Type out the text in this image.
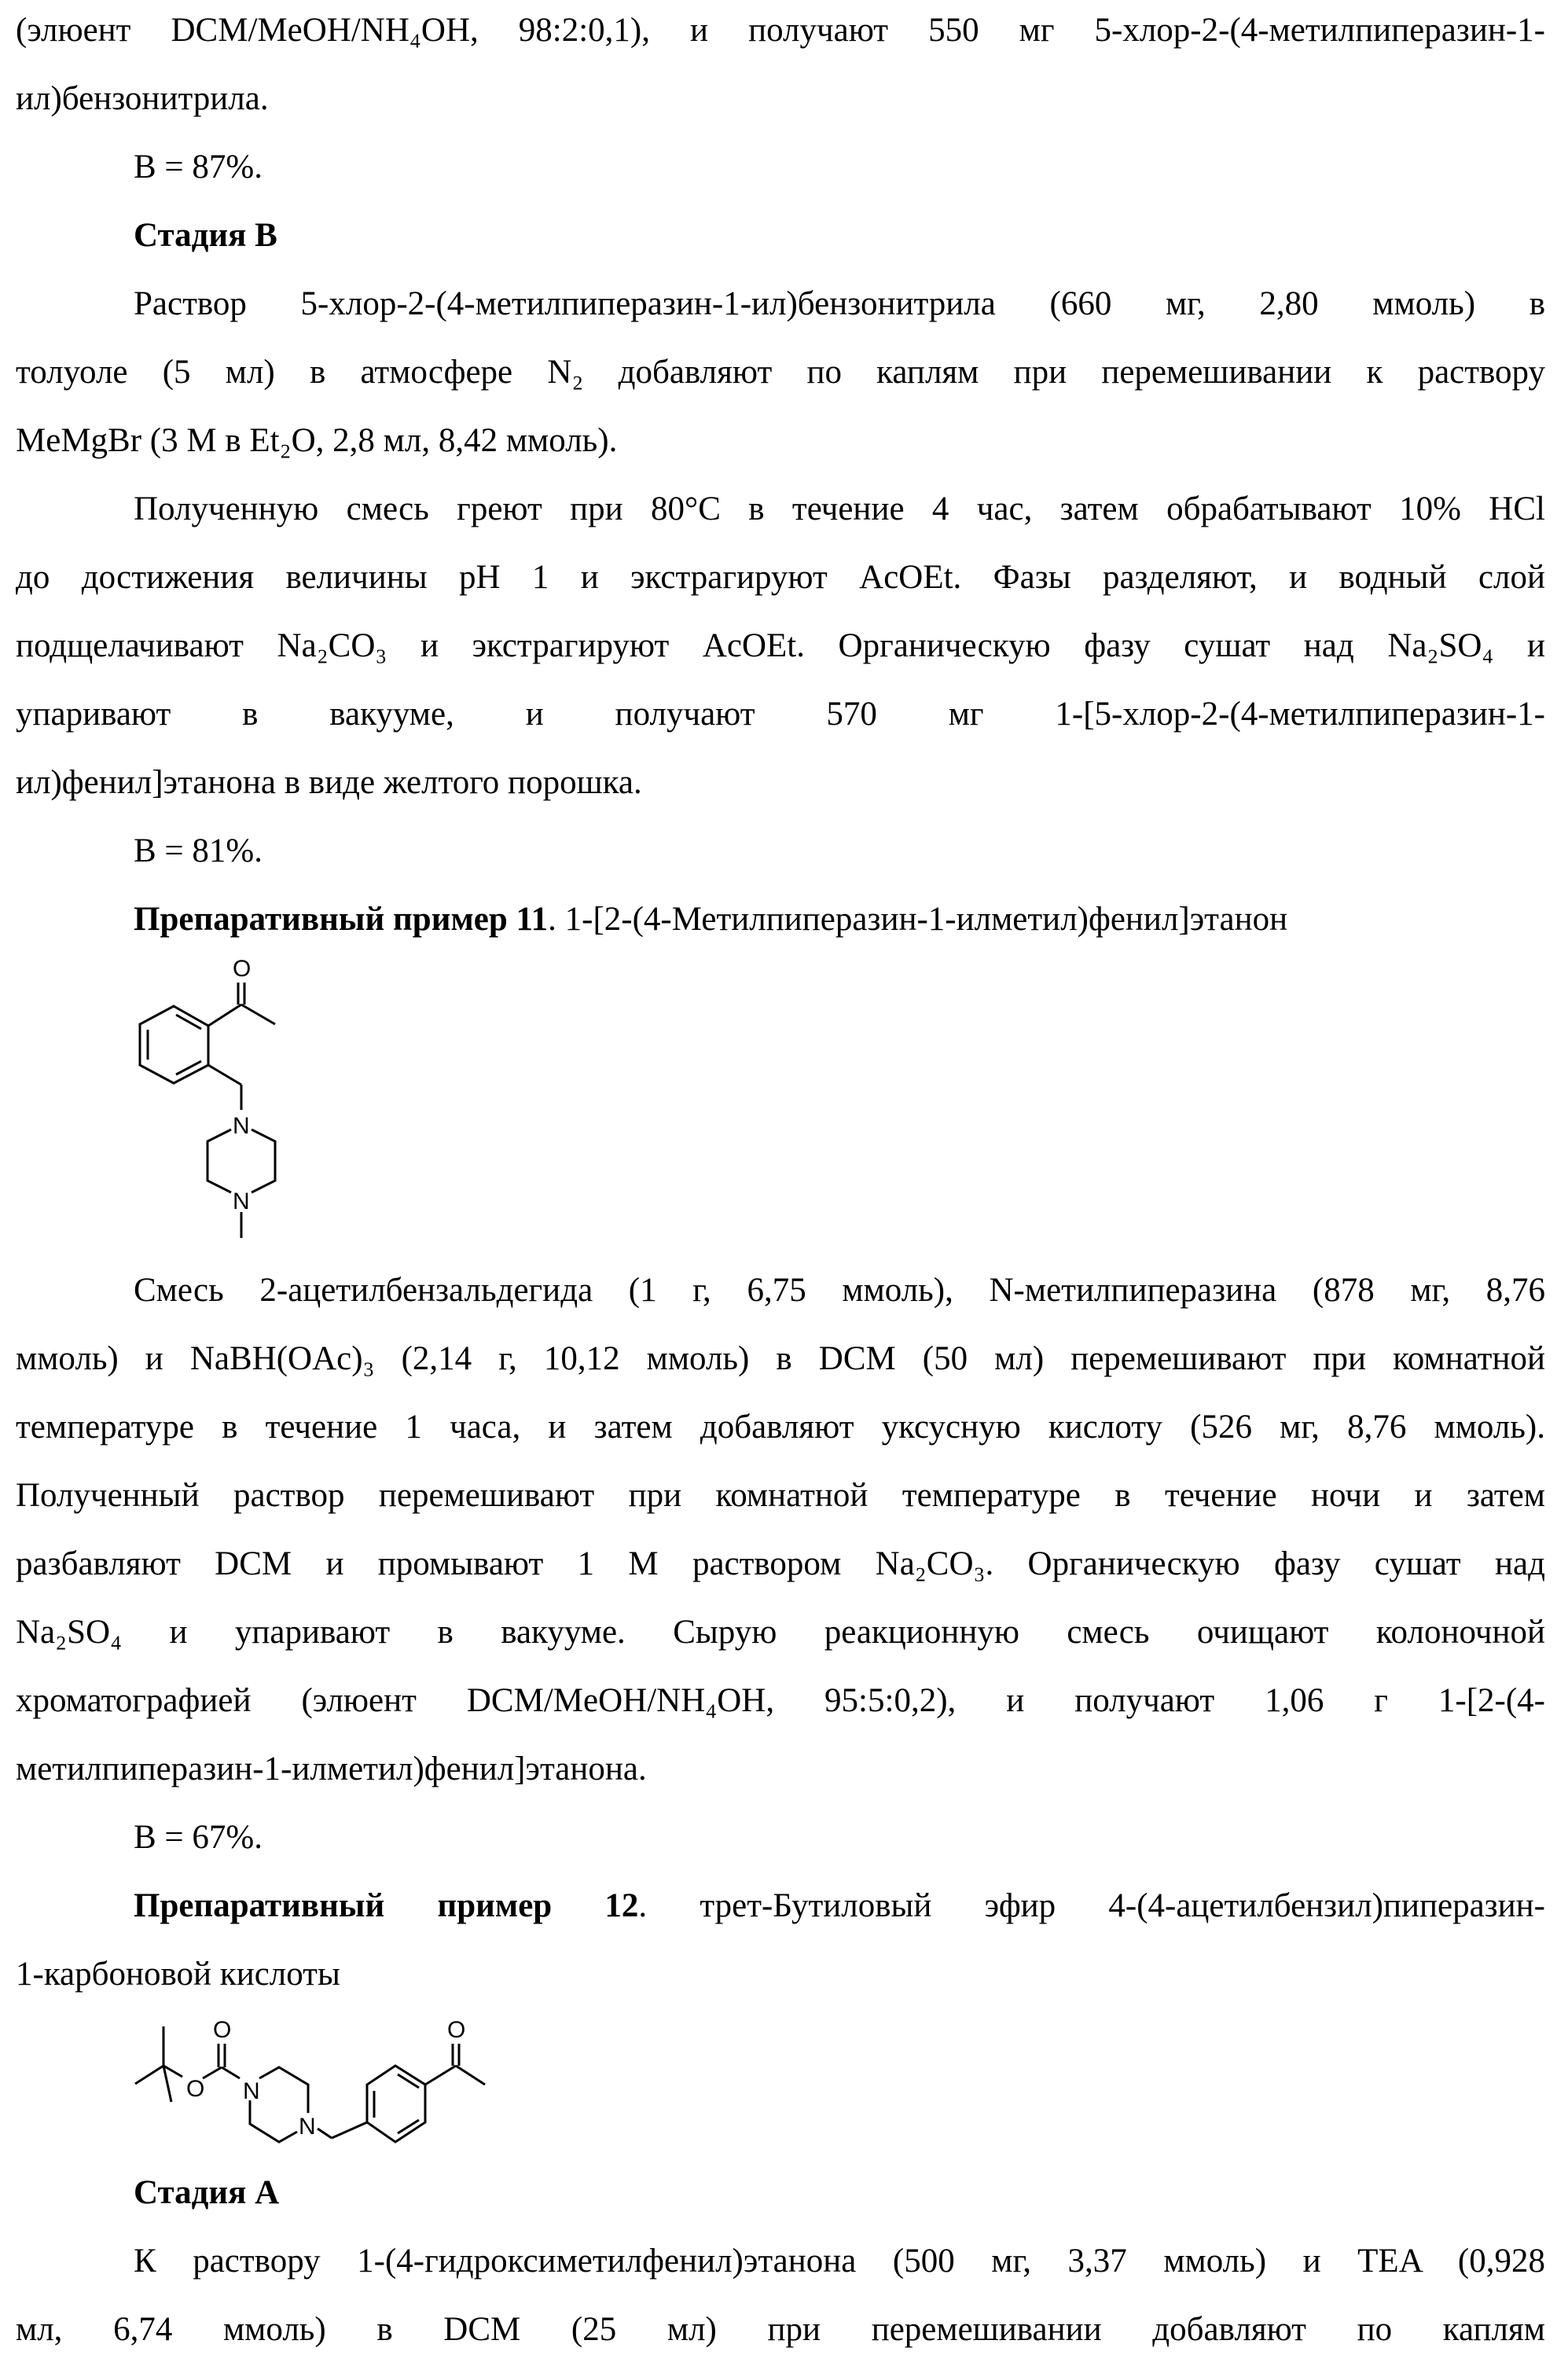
(элюент DCM/MeOH/NH₄OH, 98:2:0,1), и получают 550 мг 5-хлор-2-(4-метилпиперазин-1-
ил)бензонитрила.
В = 87%.
Стадия В
Раствор 5-хлор-2-(4-метилпиперазин-1-ил)бензонитрила (660 мг, 2,80 ммоль) в
толуоле (5 мл) в атмосфере N₂ добавляют по каплям при перемешивании к раствору
MeMgBr (3 M в Et₂O, 2,8 мл, 8,42 ммоль).
Полученную смесь греют при 80°C в течение 4 час, затем обрабатывают 10% HCl
до достижения величины pH 1 и экстрагируют AcOEt. Фазы разделяют, и водный слой
подщелачивают Na₂CO₃ и экстрагируют AcOEt. Органическую фазу сушат над Na₂SO₄ и
упаривают в вакууме, и получают 570 мг 1-[5-хлор-2-(4-метилпиперазин-1-
ил)фенил]этанона в виде желтого порошка.
В = 81%.
Препаративный пример 11. 1-[2-(4-Метилпиперазин-1-илметил)фенил]этанон
O
N
N
Смесь 2-ацетилбензальдегида (1 г, 6,75 ммоль), N-метилпиперазина (878 мг, 8,76
ммоль) и NaBH(OAc)₃ (2,14 г, 10,12 ммоль) в DCM (50 мл) перемешивают при комнатной
температуре в течение 1 часа, и затем добавляют уксусную кислоту (526 мг, 8,76 ммоль).
Полученный раствор перемешивают при комнатной температуре в течение ночи и затем
разбавляют DCM и промывают 1 M раствором Na₂CO₃. Органическую фазу сушат над
Na₂SO₄ и упаривают в вакууме. Сырую реакционную смесь очищают колоночной
хроматографией (элюент DCM/MeOH/NH₄OH, 95:5:0,2), и получают 1,06 г 1-[2-(4-
метилпиперазин-1-илметил)фенил]этанона.
В = 67%.
Препаративный пример 12. трет-Бутиловый эфир 4-(4-ацетилбензил)пиперазин-
1-карбоновой кислоты
O
O
N
N
O
Стадия А
К раствору 1-(4-гидроксиметилфенил)этанона (500 мг, 3,37 ммоль) и TEA (0,928
мл, 6,74 ммоль) в DCM (25 мл) при перемешивании добавляют по каплям
